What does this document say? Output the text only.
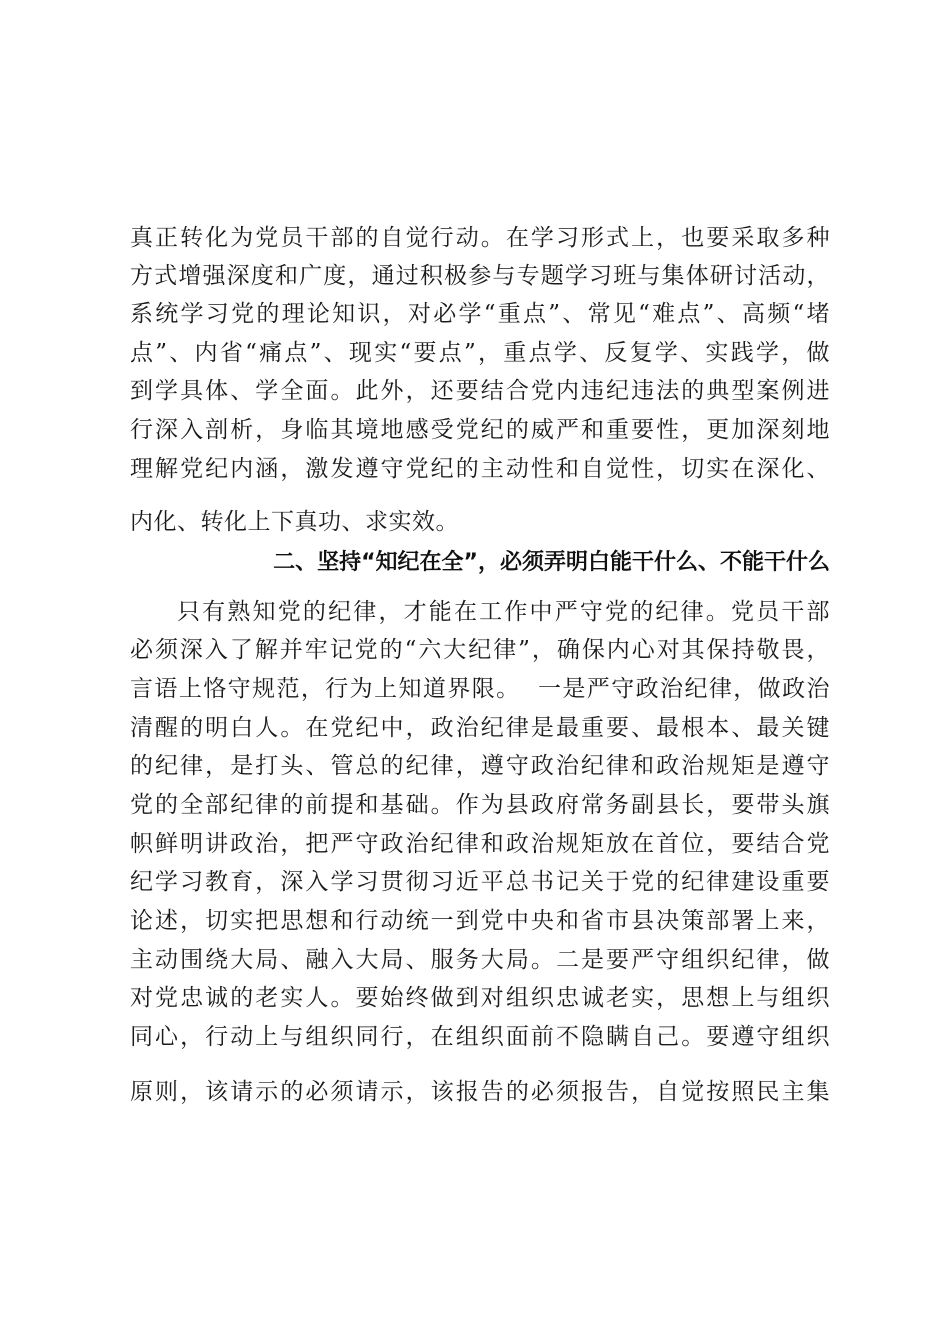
真正转化为党员干部的自觉行动。在学习形式上，也要采取多种
方式增强深度和广度，通过积极参与专题学习班与集体研讨活动，
系统学习党的理论知识，对必学“重点”、常见“难点”、高频“堵
点”、内省“痛点”、现实“要点”，重点学、反复学、实践学，做
到学具体、学全面。此外，还要结合党内违纪违法的典型案例进
行深入剖析，身临其境地感受党纪的威严和重要性，更加深刻地
理解党纪内涵，激发遵守党纪的主动性和自觉性，切实在深化、
内化、转化上下真功、求实效。
二、坚持“知纪在全”，必须弄明白能干什么、不能干什么
只有熟知党的纪律，才能在工作中严守党的纪律。党员干部
必须深入了解并牢记党的“六大纪律”，确保内心对其保持敬畏，
言语上恪守规范，行为上知道界限。  一是严守政治纪律，做政治
清醒的明白人。在党纪中，政治纪律是最重要、最根本、最关键
的纪律，是打头、管总的纪律，遵守政治纪律和政治规矩是遵守
党的全部纪律的前提和基础。作为县政府常务副县长，要带头旗
帜鲜明讲政治，把严守政治纪律和政治规矩放在首位，要结合党
纪学习教育，深入学习贯彻习近平总书记关于党的纪律建设重要
论述，切实把思想和行动统一到党中央和省市县决策部署上来，
主动围绕大局、融入大局、服务大局。二是要严守组织纪律，做
对党忠诚的老实人。要始终做到对组织忠诚老实，思想上与组织
同心，行动上与组织同行，在组织面前不隐瞒自己。要遵守组织
原则，该请示的必须请示，该报告的必须报告，自觉按照民主集
